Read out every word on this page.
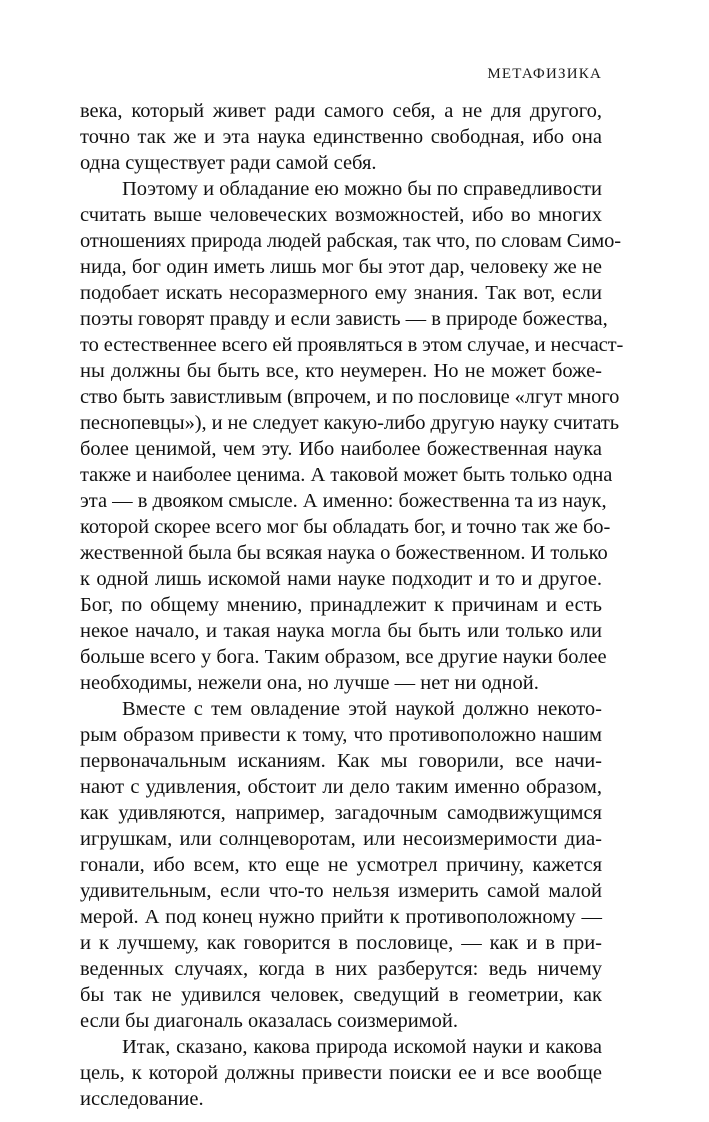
МЕТАФИЗИКА

века, который живет ради самого себя, а не для другого,
точно так же и эта наука единственно свободная, ибо она
одна существует ради самой себя.

Поэтому и обладание ею можно бы по справедливости
считать выше человеческих возможностей, ибо во многих
отношениях природа людей рабская, так что, по словам Симо-
нида, бог один иметь лишь мог бы этот дар, человеку же не
подобает искать несоразмерного ему знания. Так вот, если
поэты говорят правду и если зависть — в природе божества,
то естественнее всего ей проявляться в этом случае, и несчаст-
ны должны бы быть все, кто неумерен. Но не может боже-
ство быть завистливым (впрочем, и по пословице «лгут много
песнопевцы»), и не следует какую-либо другую науку считать
более ценимой, чем эту. Ибо наиболее божественная наука
также и наиболее ценима. А таковой может быть только одна
эта — в двояком смысле. А именно: божественна та из наук,
которой скорее всего мог бы обладать бог, и точно так же бо-
жественной была бы всякая наука о божественном. И только
к одной лишь искомой нами науке подходит и то и другое.
Бог, по общему мнению, принадлежит к причинам и есть
некое начало, и такая наука могла бы быть или только или
больше всего у бога. Таким образом, все другие науки более
необходимы, нежели она, но лучше — нет ни одной.

Вместе с тем овладение этой наукой должно некото-
рым образом привести к тому, что противоположно нашим
первоначальным исканиям. Как мы говорили, все начи-
нают с удивления, обстоит ли дело таким именно образом,
как удивляются, например, загадочным самодвижущимся
игрушкам, или солнцеворотам, или несоизмеримости диа-
гонали, ибо всем, кто еще не усмотрел причину, кажется
удивительным, если что-то нельзя измерить самой малой
мерой. А под конец нужно прийти к противоположному —
и к лучшему, как говорится в пословице, — как и в при-
веденных случаях, когда в них разберутся: ведь ничему
бы так не удивился человек, сведущий в геометрии, как
если бы диагональ оказалась соизмеримой.

Итак, сказано, какова природа искомой науки и какова
цель, к которой должны привести поиски ее и все вообще
исследование.
